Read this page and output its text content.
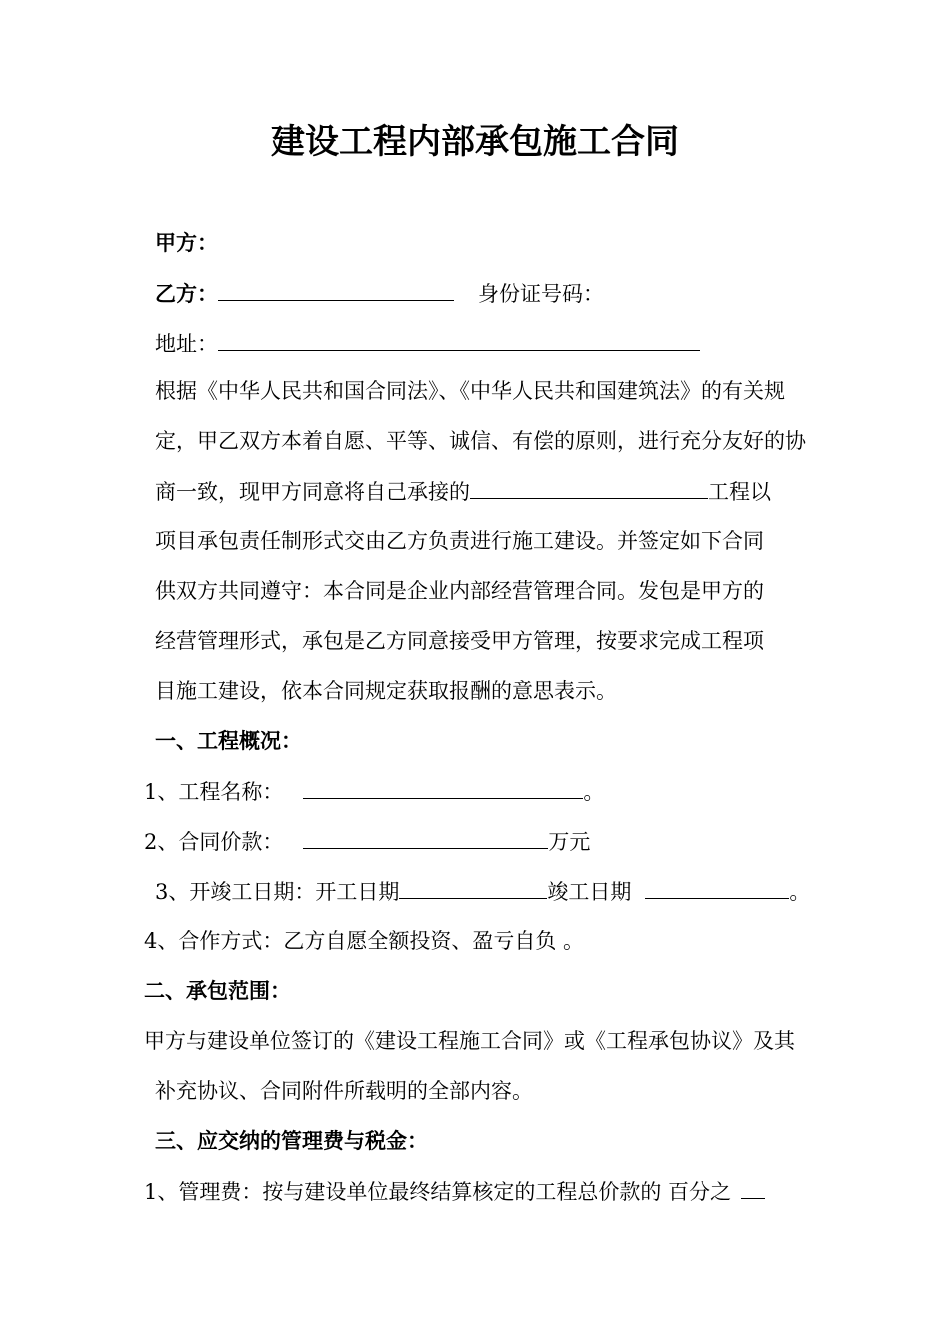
建设工程内部承包施工合同
甲方：
乙方：	身份证号码：
地址：
根据《中华人民共和国合同法》、《中华人民共和国建筑法》的有关规
定，甲乙双方本着自愿、平等、诚信、有偿的原则，进行充分友好的协
商一致，现甲方同意将自己承接的	工程以
项目承包责任制形式交由乙方负责进行施工建设。并签定如下合同
供双方共同遵守：本合同是企业内部经营管理合同。发包是甲方的
经营管理形式，承包是乙方同意接受甲方管理，按要求完成工程项
目施工建设，依本合同规定获取报酬的意思表示。
一、工程概况：
1、工程名称：	。
2、合同价款：	万元
3、开竣工日期：开工日期	竣工日期	。
4、合作方式：乙方自愿全额投资、盈亏自负 。
二、承包范围：
甲方与建设单位签订的《建设工程施工合同》或《工程承包协议》及其
补充协议、合同附件所载明的全部内容。
三、应交纳的管理费与税金：
1、管理费：按与建设单位最终结算核定的工程总价款的 百分之
